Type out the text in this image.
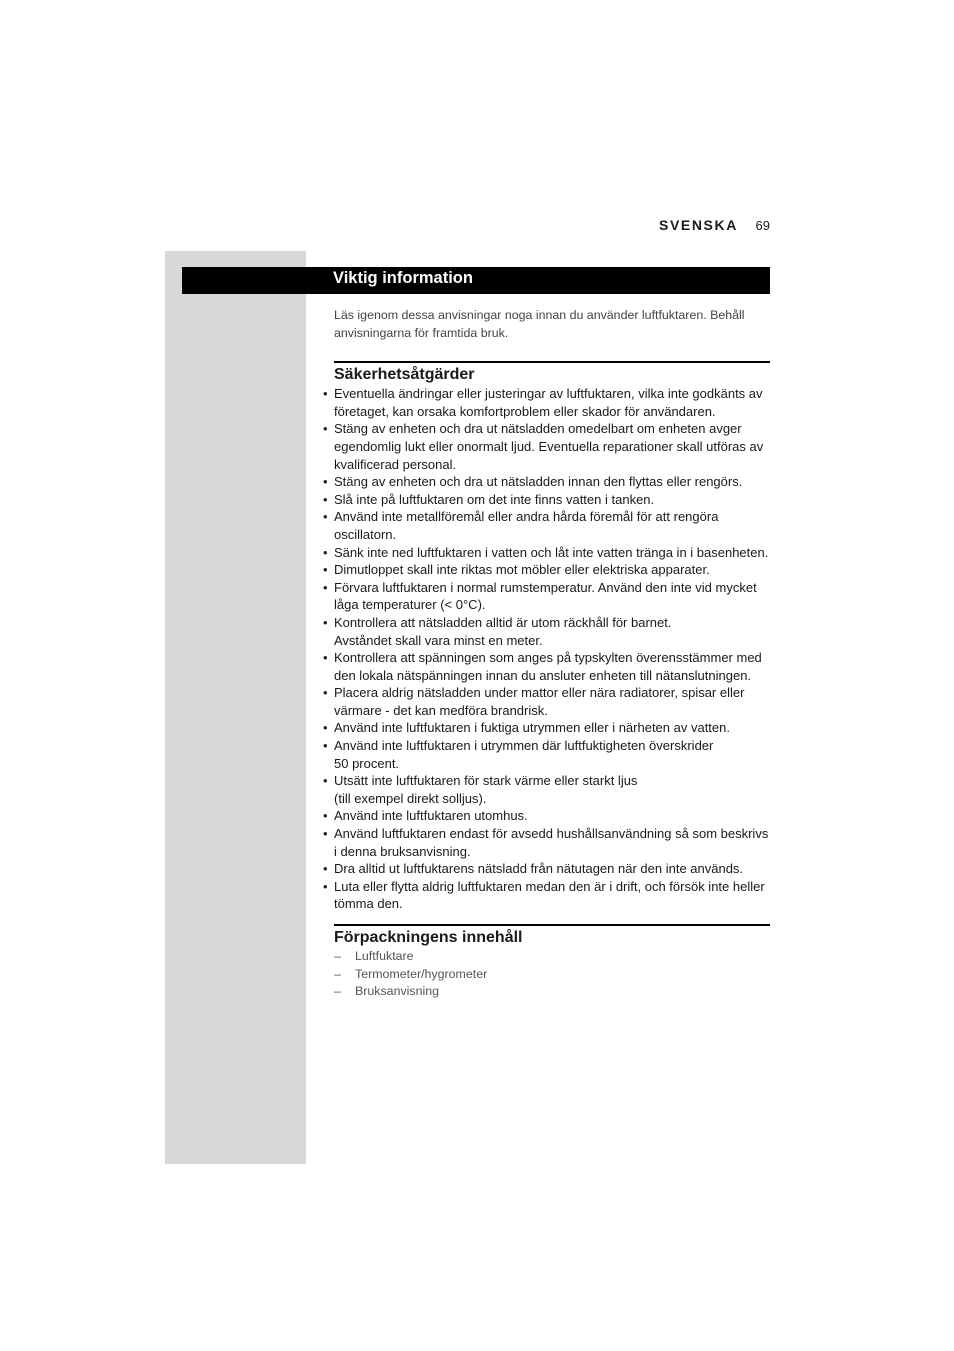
SVENSKA 69
Viktig information

Läs igenom dessa anvisningar noga innan du använder luftfuktaren. Behåll anvisningarna för framtida bruk.

Säkerhetsåtgärder
• Eventuella ändringar eller justeringar av luftfuktaren, vilka inte godkänts av företaget, kan orsaka komfortproblem eller skador för användaren.
• Stäng av enheten och dra ut nätsladden omedelbart om enheten avger egendomlig lukt eller onormalt ljud. Eventuella reparationer skall utföras av kvalificerad personal.
• Stäng av enheten och dra ut nätsladden innan den flyttas eller rengörs.
• Slå inte på luftfuktaren om det inte finns vatten i tanken.
• Använd inte metallföremål eller andra hårda föremål för att rengöra oscillatorn.
• Sänk inte ned luftfuktaren i vatten och låt inte vatten tränga in i basenheten.
• Dimutloppet skall inte riktas mot möbler eller elektriska apparater.
• Förvara luftfuktaren i normal rumstemperatur. Använd den inte vid mycket låga temperaturer (< 0°C).
• Kontrollera att nätsladden alltid är utom räckhåll för barnet.
Avståndet skall vara minst en meter.
• Kontrollera att spänningen som anges på typskylten överensstämmer med den lokala nätspänningen innan du ansluter enheten till nätanslutningen.
• Placera aldrig nätsladden under mattor eller nära radiatorer, spisar eller värmare - det kan medföra brandrisk.
• Använd inte luftfuktaren i fuktiga utrymmen eller i närheten av vatten.
• Använd inte luftfuktaren i utrymmen där luftfuktigheten överskrider
50 procent.
• Utsätt inte luftfuktaren för stark värme eller starkt ljus
(till exempel direkt solljus).
• Använd inte luftfuktaren utomhus.
• Använd luftfuktaren endast för avsedd hushållsanvändning så som beskrivs i denna bruksanvisning.
• Dra alltid ut luftfuktarens nätsladd från nätutagen när den inte används.
• Luta eller flytta aldrig luftfuktaren medan den är i drift, och försök inte heller tömma den.
Förpackningens innehåll
– Luftfuktare
– Termometer/hygrometer
– Bruksanvisning
